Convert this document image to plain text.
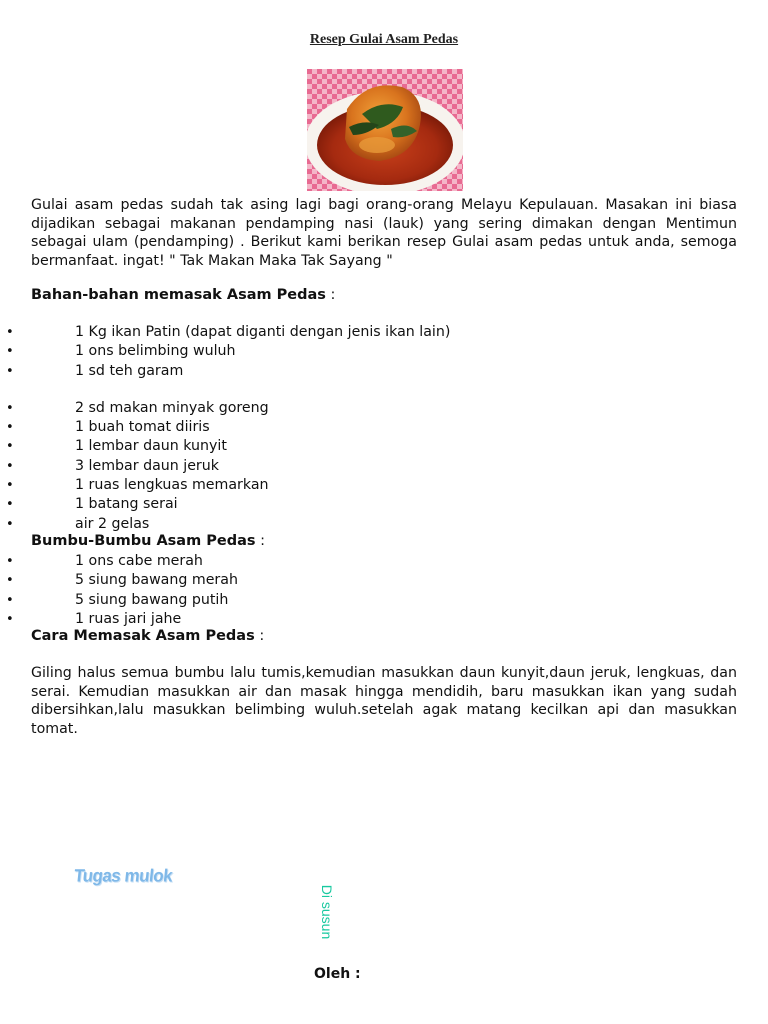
Resep Gulai Asam Pedas

Gulai asam pedas sudah tak asing lagi bagi orang-orang Melayu Kepulauan. Masakan ini biasa dijadikan sebagai makanan pendamping nasi (lauk) yang sering dimakan dengan Mentimun sebagai ulam (pendamping) . Berikut kami berikan resep Gulai asam pedas untuk anda, semoga bermanfaat. ingat! " Tak Makan Maka Tak Sayang "

Bahan-bahan memasak Asam Pedas :

• 1 Kg ikan Patin (dapat diganti dengan jenis ikan lain)
• 1 ons belimbing wuluh
• 1 sd teh garam
• 2 sd makan minyak goreng
• 1 buah tomat diiris
• 1 lembar daun kunyit
• 3 lembar daun jeruk
• 1 ruas lengkuas memarkan
• 1 batang serai
• air 2 gelas

Bumbu-Bumbu Asam Pedas :

• 1 ons cabe merah
• 5 siung bawang merah
• 5 siung bawang putih
• 1 ruas jari jahe

Cara Memasak Asam Pedas :

Giling halus semua bumbu lalu tumis,kemudian masukkan daun kunyit,daun jeruk, lengkuas, dan serai. Kemudian masukkan air dan masak hingga mendidih, baru masukkan ikan yang sudah dibersihkan,lalu masukkan belimbing wuluh.setelah agak matang kecilkan api dan masukkan tomat.

Tugas mulok
Di susun
Oleh :
